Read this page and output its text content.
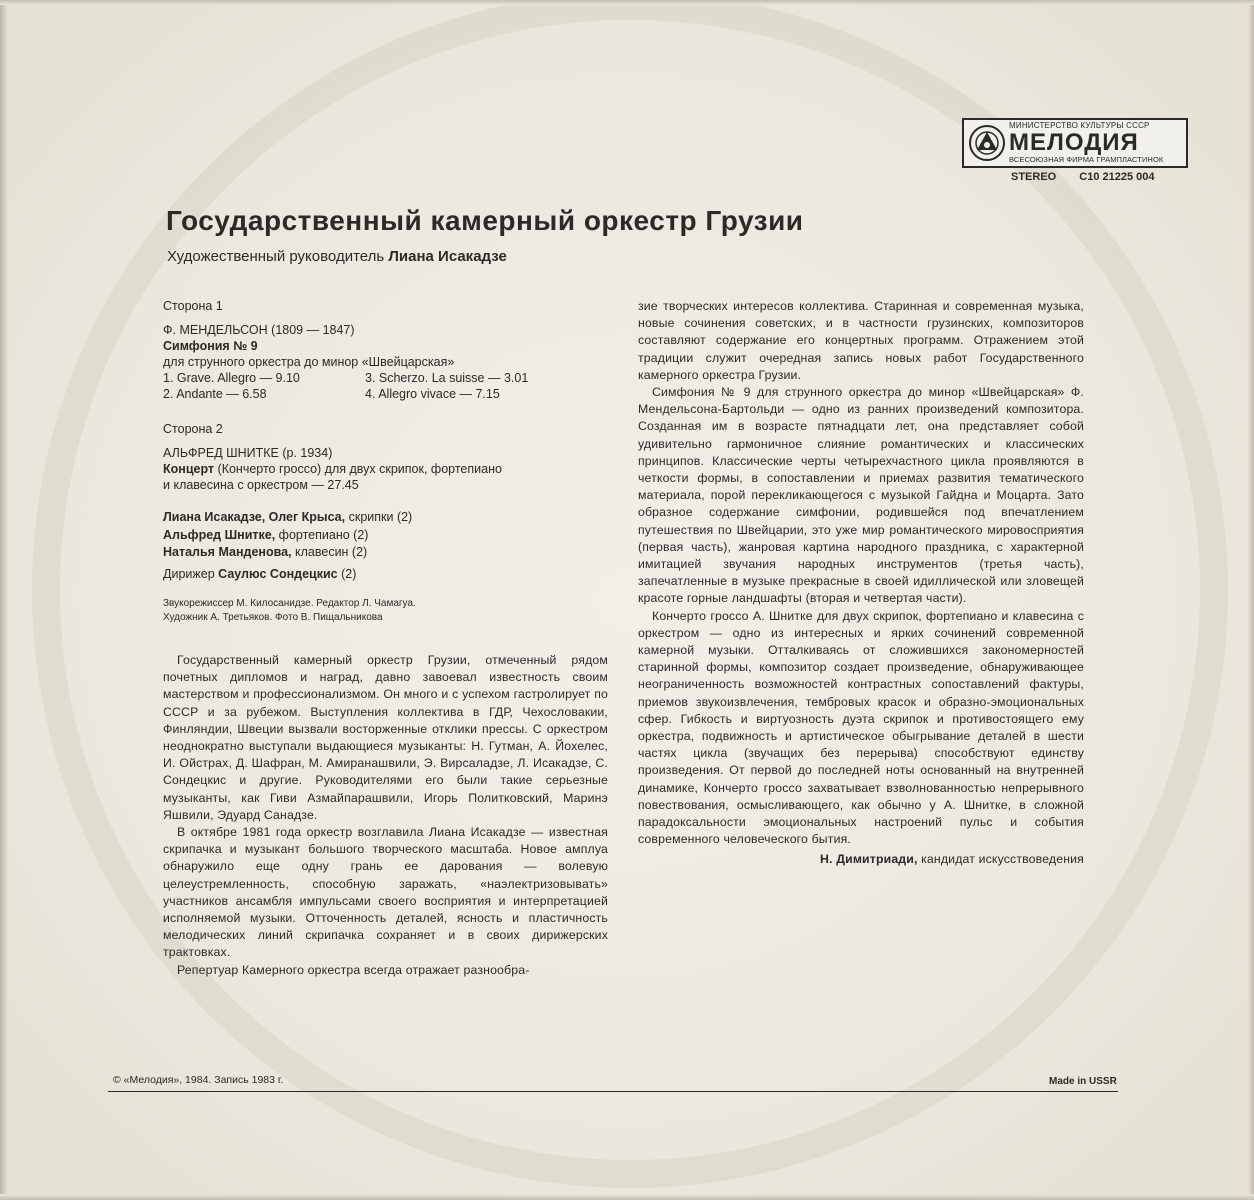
МИНИСТЕРСТВО КУЛЬТУРЫ СССР
МЕЛОДИЯ
ВСЕСОЮЗНАЯ ФИРМА ГРАМПЛАСТИНОК
STEREO С10 21225 004
Государственный камерный оркестр Грузии
Художественный руководитель Лиана Исакадзе
Сторона 1
Ф. МЕНДЕЛЬСОН (1809 — 1847)
Симфония № 9
для струнного оркестра до минор «Швейцарская»
1. Grave. Allegro — 9.10
2. Andante — 6.58
3. Scherzo. La suisse — 3.01
4. Allegro vivace — 7.15
Сторона 2
АЛЬФРЕД ШНИТКЕ (р. 1934)
Концерт (Кончерто гроссо) для двух скрипок, фортепиано
и клавесина с оркестром — 27.45
Лиана Исакадзе, Олег Крыса, скрипки (2)
Альфред Шнитке, фортепиано (2)
Наталья Манденова, клавесин (2)
Дирижер Саулюс Сондецкис (2)
Звукорежиссер М. Килосанидзе. Редактор Л. Чамагуа.
Художник А. Третьяков. Фото В. Пищальникова

Государственный камерный оркестр Грузии, отмеченный рядом почетных дипломов и наград, давно завоевал известность своим мастерством и профессионализмом. Он много и с успехом гастролирует по СССР и за рубежом. Выступления коллектива в ГДР, Чехословакии, Финляндии, Швеции вызвали восторженные отклики прессы. С оркестром неоднократно выступали выдающиеся музыканты: Н. Гутман, А. Йохелес, И. Ойстрах, Д. Шафран, М. Амиранашвили, Э. Вирсаладзе, Л. Исакадзе, С. Сондецкис и другие. Руководителями его были такие серьезные музыканты, как Гиви Азмайпарашвили, Игорь Политковский, Маринэ Яшвили, Эдуард Санадзе.

В октябре 1981 года оркестр возглавила Лиана Исакадзе — известная скрипачка и музыкант большого творческого масштаба. Новое амплуа обнаружило еще одну грань ее дарования — волевую целеустремленность, способную заражать, «наэлектризовывать» участников ансамбля импульсами своего восприятия и интерпретацией исполняемой музыки. Отточенность деталей, ясность и пластичность мелодических линий скрипачка сохраняет и в своих дирижерских трактовках.

Репертуар Камерного оркестра всегда отражает разнообра-

зие творческих интересов коллектива. Старинная и современная музыка, новые сочинения советских, и в частности грузинских, композиторов составляют содержание его концертных программ. Отражением этой традиции служит очередная запись новых работ Государственного камерного оркестра Грузии.

Симфония № 9 для струнного оркестра до минор «Швейцарская» Ф. Мендельсона-Бартольди — одно из ранних произведений композитора. Созданная им в возрасте пятнадцати лет, она представляет собой удивительно гармоничное слияние романтических и классических принципов. Классические черты четырехчастного цикла проявляются в четкости формы, в сопоставлении и приемах развития тематического материала, порой перекликающегося с музыкой Гайдна и Моцарта. Зато образное содержание симфонии, родившейся под впечатлением путешествия по Швейцарии, это уже мир романтического мировосприятия (первая часть), жанровая картина народного праздника, с характерной имитацией звучания народных инструментов (третья часть), запечатленные в музыке прекрасные в своей идиллической или зловещей красоте горные ландшафты (вторая и четвертая части).

Кончерто гроссо А. Шнитке для двух скрипок, фортепиано и клавесина с оркестром — одно из интересных и ярких сочинений современной камерной музыки. Отталкиваясь от сложившихся закономерностей старинной формы, композитор создает произведение, обнаруживающее неограниченность возможностей контрастных сопоставлений фактуры, приемов звукоизвлечения, тембровых красок и образно-эмоциональных сфер. Гибкость и виртуозность дуэта скрипок и противостоящего ему оркестра, подвижность и артистическое обыгрывание деталей в шести частях цикла (звучащих без перерыва) способствуют единству произведения. От первой до последней ноты основанный на внутренней динамике, Кончерто гроссо захватывает взволнованностью непрерывного повествования, осмысливающего, как обычно у А. Шнитке, в сложной парадоксальности эмоциональных настроений пульс и события современного человеческого бытия.

Н. Димитриади, кандидат искусствоведения
© «Мелодия», 1984. Запись 1983 г.	Made in USSR
